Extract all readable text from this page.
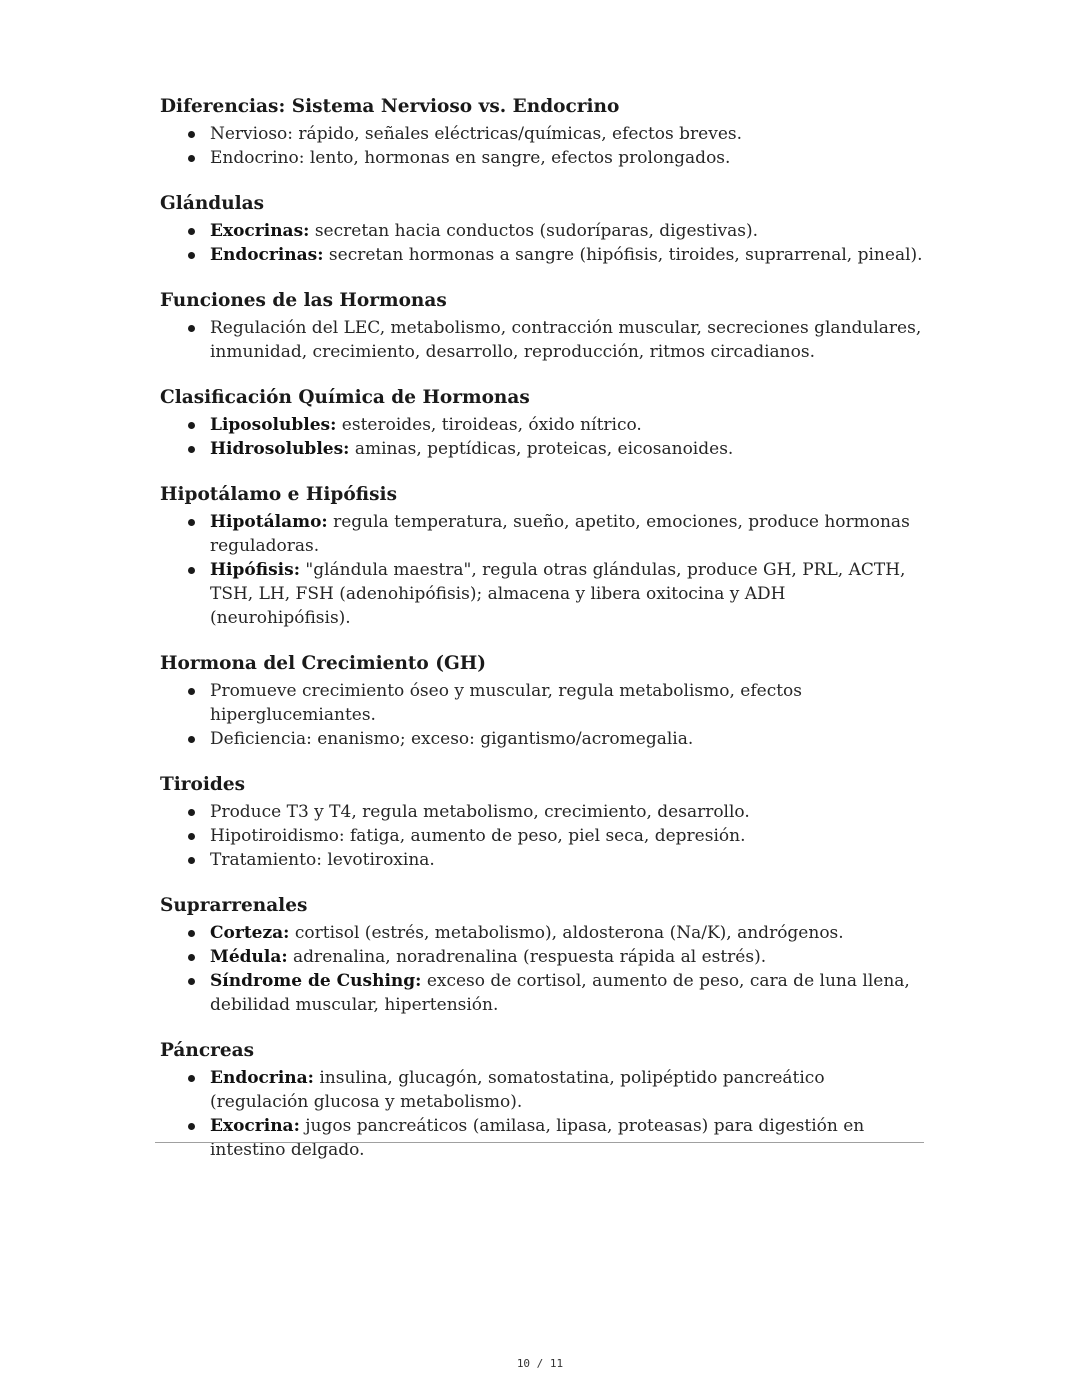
Diferencias: Sistema Nervioso vs. Endocrino
Nervioso: rápido, señales eléctricas/químicas, efectos breves.
Endocrino: lento, hormonas en sangre, efectos prolongados.
Glándulas
Exocrinas: secretan hacia conductos (sudoríparas, digestivas).
Endocrinas: secretan hormonas a sangre (hipófisis, tiroides, suprarrenal, pineal).
Funciones de las Hormonas
Regulación del LEC, metabolismo, contracción muscular, secreciones glandulares, inmunidad, crecimiento, desarrollo, reproducción, ritmos circadianos.
Clasificación Química de Hormonas
Liposolubles: esteroides, tiroideas, óxido nítrico.
Hidrosolubles: aminas, peptídicas, proteicas, eicosanoides.
Hipotálamo e Hipófisis
Hipotálamo: regula temperatura, sueño, apetito, emociones, produce hormonas reguladoras.
Hipófisis: "glándula maestra", regula otras glándulas, produce GH, PRL, ACTH, TSH, LH, FSH (adenohipófisis); almacena y libera oxitocina y ADH (neurohipófisis).
Hormona del Crecimiento (GH)
Promueve crecimiento óseo y muscular, regula metabolismo, efectos hiperglucemiantes.
Deficiencia: enanismo; exceso: gigantismo/acromegalia.
Tiroides
Produce T3 y T4, regula metabolismo, crecimiento, desarrollo.
Hipotiroidismo: fatiga, aumento de peso, piel seca, depresión.
Tratamiento: levotiroxina.
Suprarrenales
Corteza: cortisol (estrés, metabolismo), aldosterona (Na/K), andrógenos.
Médula: adrenalina, noradrenalina (respuesta rápida al estrés).
Síndrome de Cushing: exceso de cortisol, aumento de peso, cara de luna llena, debilidad muscular, hipertensión.
Páncreas
Endocrina: insulina, glucagón, somatostatina, polipéptido pancreático (regulación glucosa y metabolismo).
Exocrina: jugos pancreáticos (amilasa, lipasa, proteasas) para digestión en intestino delgado.
10 / 11
